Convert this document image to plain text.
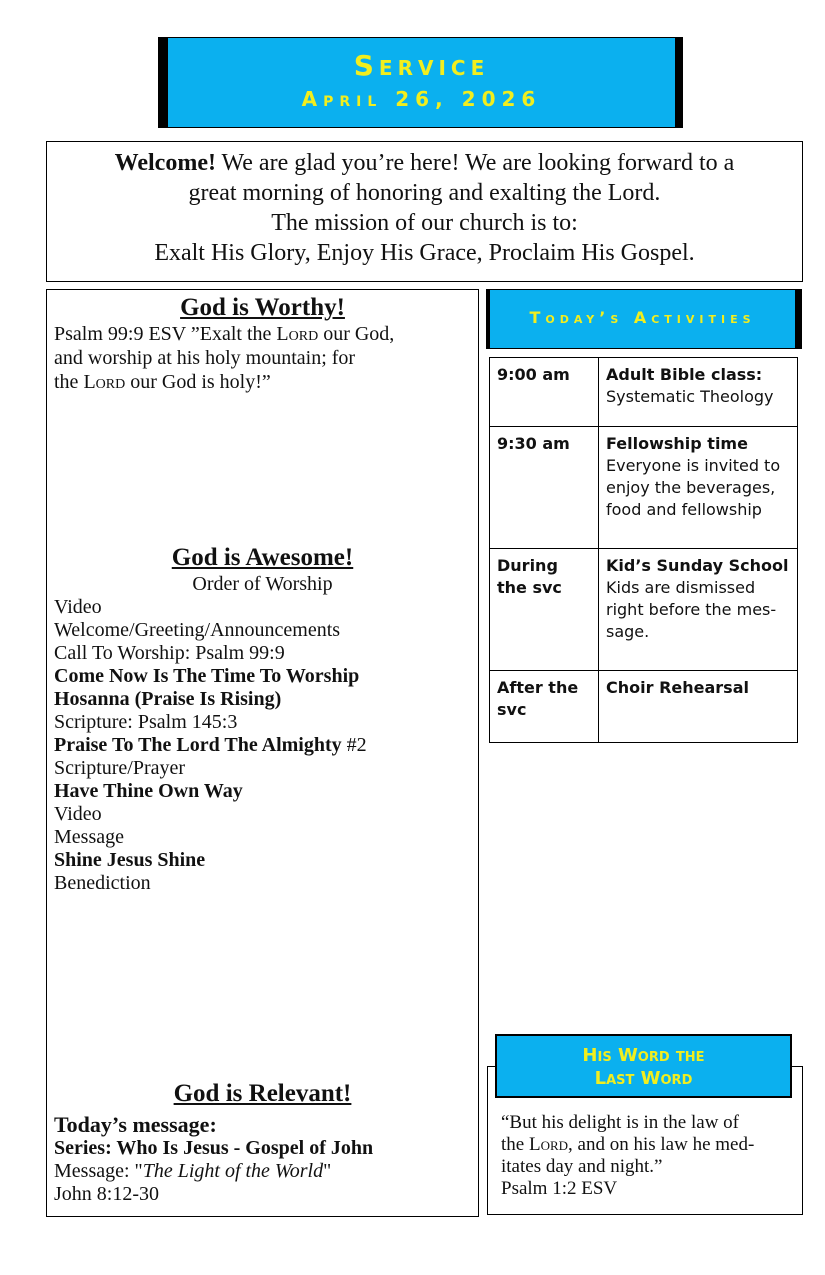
Service
April 26, 2026
Welcome! We are glad you’re here! We are looking forward to a
great morning of honoring and exalting the Lord.
The mission of our church is to:
Exalt His Glory, Enjoy His Grace, Proclaim His Gospel.
God is Worthy!
Psalm 99:9 ESV ”Exalt the Lord our God,
and worship at his holy mountain; for
the Lord our God is holy!”
God is Awesome!
Order of Worship
Video
Welcome/Greeting/Announcements
Call To Worship: Psalm 99:9
Come Now Is The Time To Worship
Hosanna (Praise Is Rising)
Scripture: Psalm 145:3
Praise To The Lord The Almighty #2
Scripture/Prayer
Have Thine Own Way
Video
Message
Shine Jesus Shine
Benediction
God is Relevant!
Today’s message:
Series: Who Is Jesus - Gospel of John
Message: "The Light of the World"
John 8:12-30
Today’s Activities
9:00 am	Adult Bible class:
Systematic Theology
9:30 am	Fellowship time
Everyone is invited to enjoy the beverages, food and fellowship
During the svc	Kid’s Sunday School
Kids are dismissed right before the mes-sage.
After the svc	Choir Rehearsal
His Word the
Last Word
“But his delight is in the law of
the Lord, and on his law he med-
itates day and night.”
Psalm 1:2 ESV
